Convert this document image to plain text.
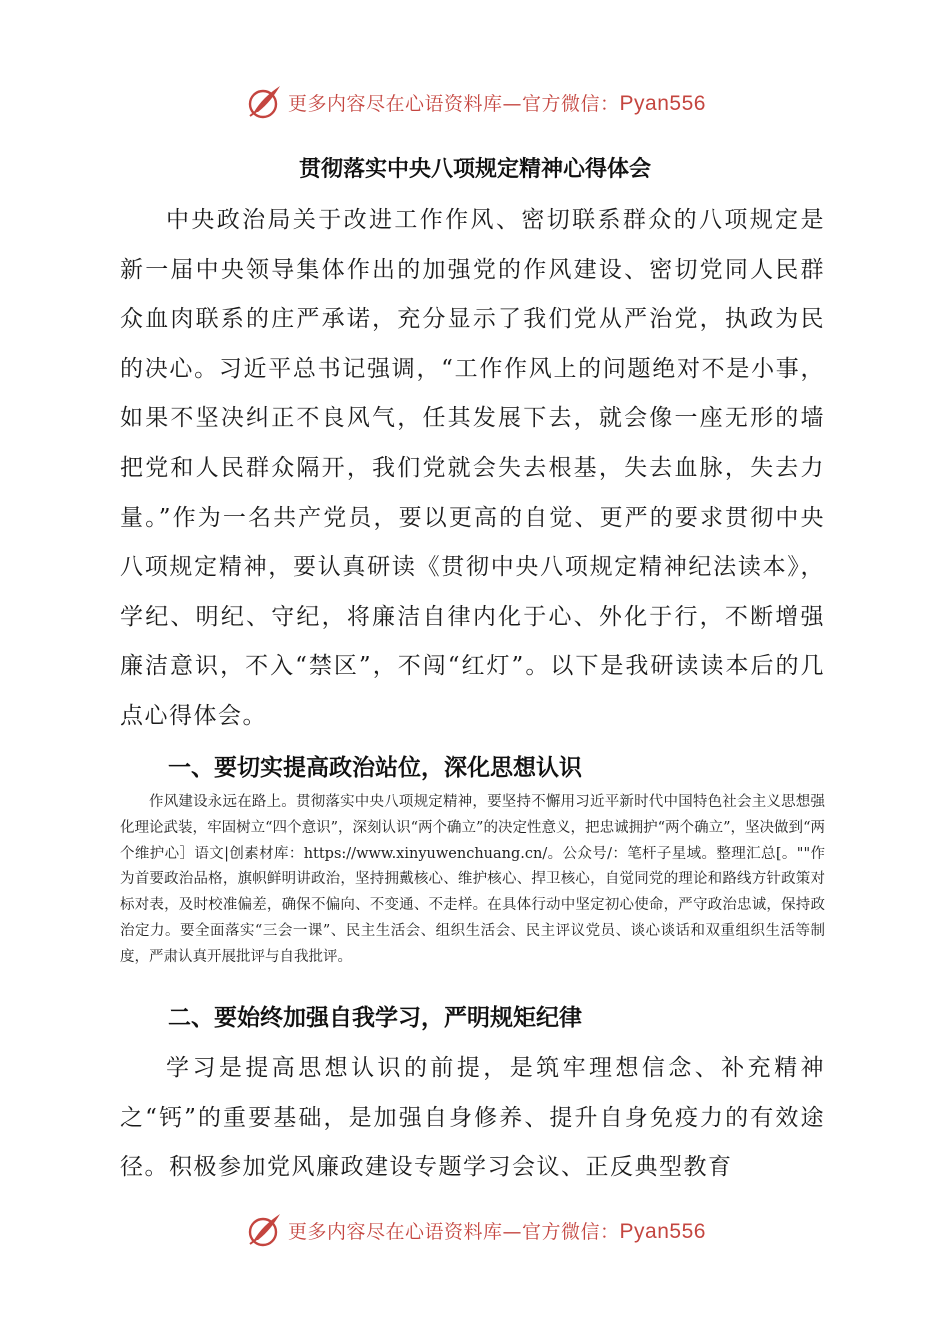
更多内容尽在心语资料库—官方微信：Pyan556
贯彻落实中央八项规定精神心得体会

中央政治局关于改进工作作风、密切联系群众的八项规定是新一届中央领导集体作出的加强党的作风建设、密切党同人民群众血肉联系的庄严承诺，充分显示了我们党从严治党，执政为民的决心。习近平总书记强调，“工作作风上的问题绝对不是小事，如果不坚决纠正不良风气，任其发展下去，就会像一座无形的墙把党和人民群众隔开，我们党就会失去根基，失去血脉，失去力量。”作为一名共产党员，要以更高的自觉、更严的要求贯彻中央八项规定精神，要认真研读《贯彻中央八项规定精神纪法读本》，学纪、明纪、守纪，将廉洁自律内化于心、外化于行，不断增强廉洁意识，不入“禁区”，不闯“红灯”。以下是我研读读本后的几点心得体会。

一、要切实提高政治站位，深化思想认识

作风建设永远在路上。贯彻落实中央八项规定精神，要坚持不懈用习近平新时代中国特色社会主义思想强化理论武装，牢固树立“四个意识”，深刻认识“两个确立”的决定性意义，把忠诚拥护“两个确立”，坚决做到“两个维护心］语文|创素材库：https://www.xinyuwenchuang.cn/。公众号/：笔杆子星域。整理汇总[。""作为首要政治品格，旗帜鲜明讲政治，坚持拥戴核心、维护核心、捍卫核心，自觉同党的理论和路线方针政策对标对表，及时校准偏差，确保不偏向、不变通、不走样。在具体行动中坚定初心使命，严守政治忠诚，保持政治定力。要全面落实“三会一课”、民主生活会、组织生活会、民主评议党员、谈心谈话和双重组织生活等制度，严肃认真开展批评与自我批评。

二、要始终加强自我学习，严明规矩纪律

学习是提高思想认识的前提，是筑牢理想信念、补充精神之“钙”的重要基础，是加强自身修养、提升自身免疫力的有效途径。积极参加党风廉政建设专题学习会议、正反典型教育

更多内容尽在心语资料库—官方微信：Pyan556
